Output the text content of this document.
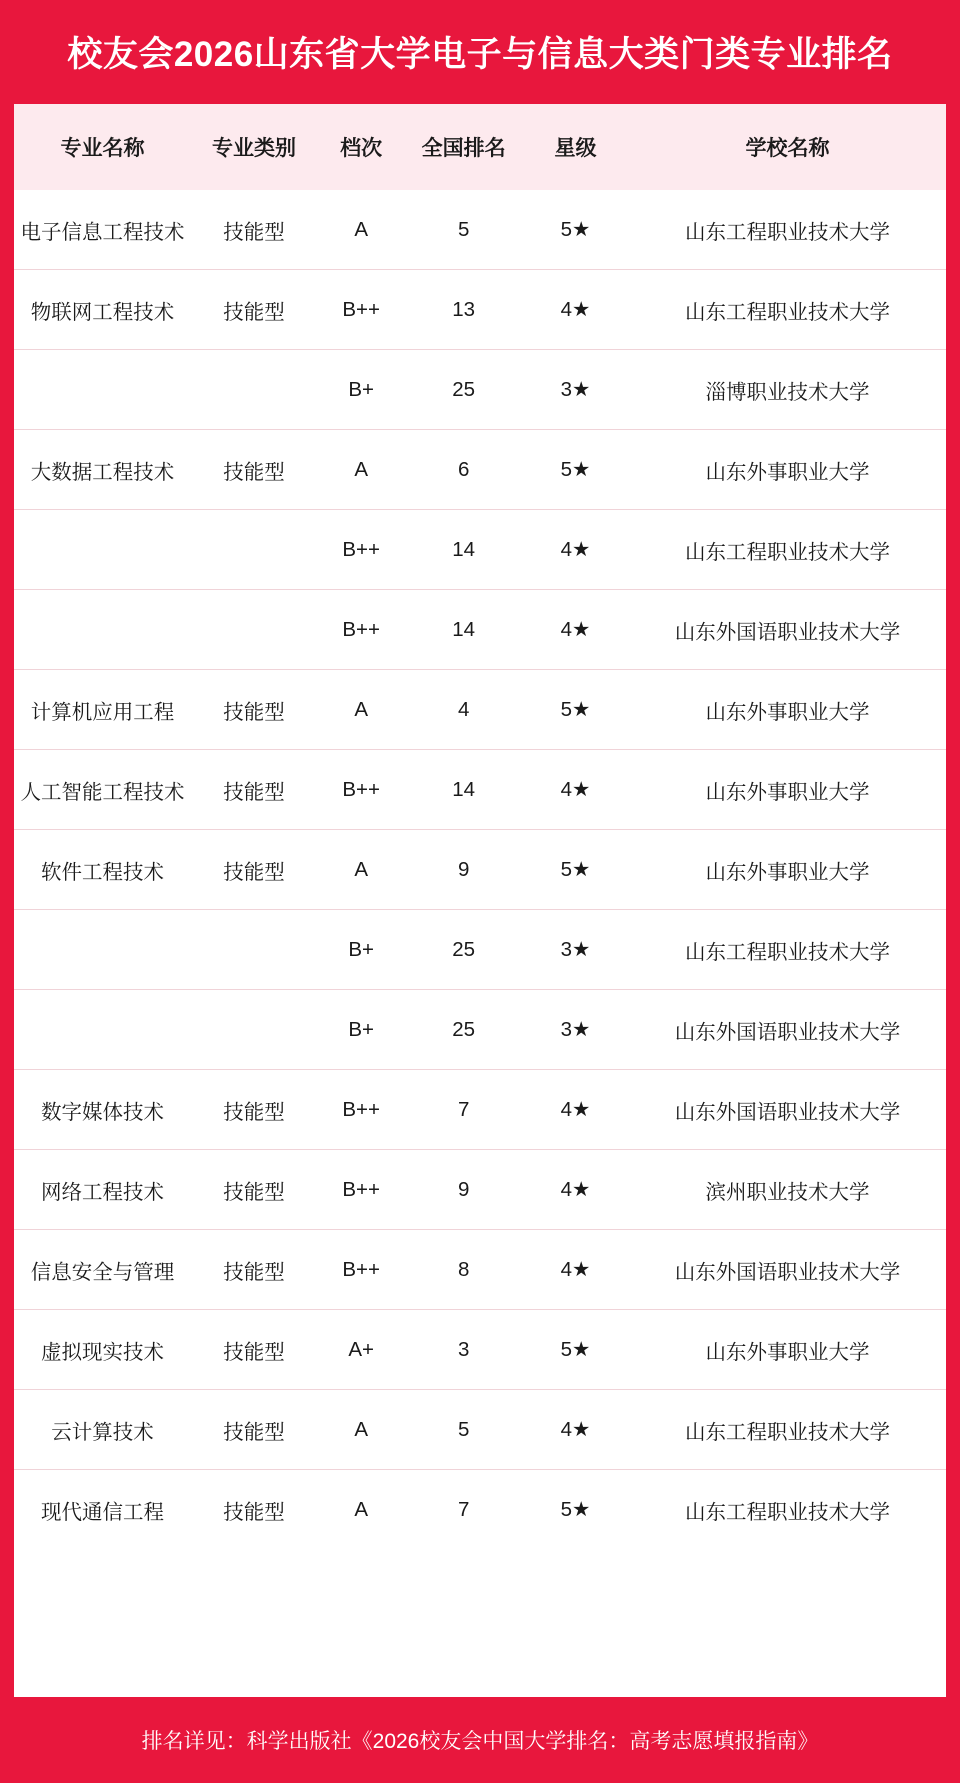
校友会2026山东省大学电子与信息大类门类专业排名
专业名称	专业类别	档次	全国排名	星级	学校名称
电子信息工程技术	技能型	A	5	5★	山东工程职业技术大学
物联网工程技术	技能型	B++	13	4★	山东工程职业技术大学
		B+	25	3★	淄博职业技术大学
大数据工程技术	技能型	A	6	5★	山东外事职业大学
		B++	14	4★	山东工程职业技术大学
		B++	14	4★	山东外国语职业技术大学
计算机应用工程	技能型	A	4	5★	山东外事职业大学
人工智能工程技术	技能型	B++	14	4★	山东外事职业大学
软件工程技术	技能型	A	9	5★	山东外事职业大学
		B+	25	3★	山东工程职业技术大学
		B+	25	3★	山东外国语职业技术大学
数字媒体技术	技能型	B++	7	4★	山东外国语职业技术大学
网络工程技术	技能型	B++	9	4★	滨州职业技术大学
信息安全与管理	技能型	B++	8	4★	山东外国语职业技术大学
虚拟现实技术	技能型	A+	3	5★	山东外事职业大学
云计算技术	技能型	A	5	4★	山东工程职业技术大学
现代通信工程	技能型	A	7	5★	山东工程职业技术大学
排名详见：科学出版社《2026校友会中国大学排名：高考志愿填报指南》
